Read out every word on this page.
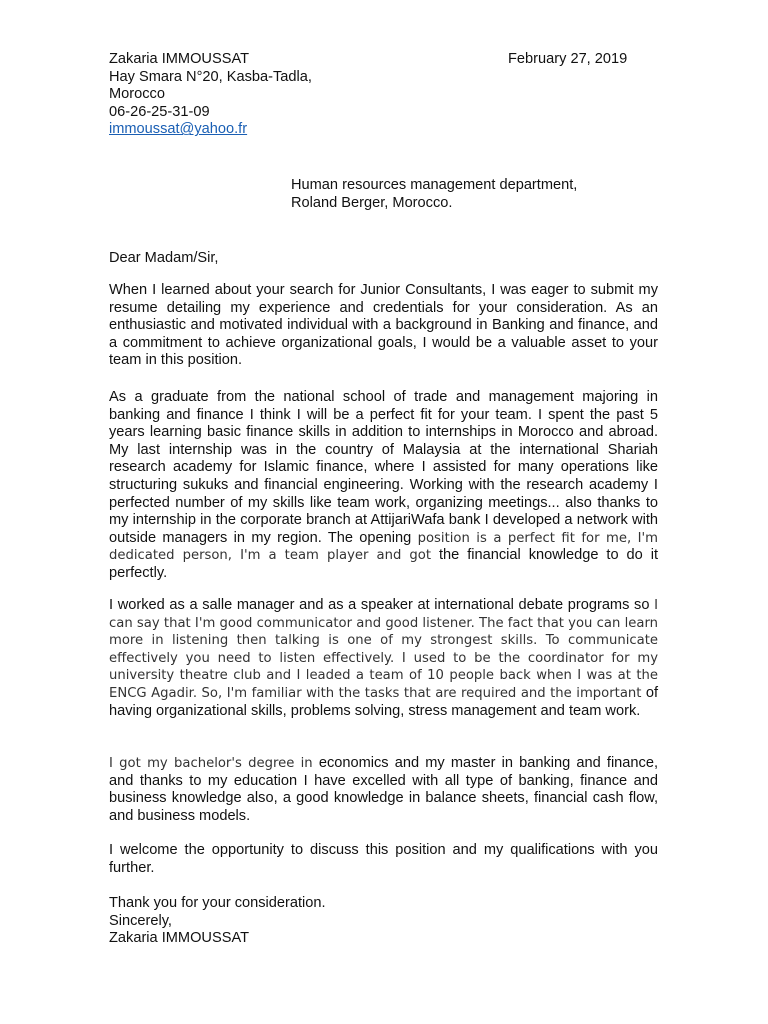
Zakaria IMMOUSSAT
Hay Smara N°20, Kasba-Tadla,
Morocco
06-26-25-31-09
immoussat@yahoo.fr
February 27, 2019
Human resources management department,
Roland Berger, Morocco.
Dear Madam/Sir,
When I learned about your search for Junior Consultants, I was eager to submit my resume detailing my experience and credentials for your consideration. As an enthusiastic and motivated individual with a background in Banking and finance, and a commitment to achieve organizational goals, I would be a valuable asset to your team in this position.
As a graduate from the national school of trade and management majoring in banking and finance I think I will be a perfect fit for your team. I spent the past 5 years learning basic finance skills in addition to internships in Morocco and abroad. My last internship was in the country of Malaysia at the international Shariah research academy for Islamic finance, where I assisted for many operations like structuring sukuks and financial engineering. Working with the research academy I perfected number of my skills like team work, organizing meetings... also thanks to my internship in the corporate branch at AttijariWafa bank I developed a network with outside managers in my region. The opening position is a perfect fit for me, I'm dedicated person, I'm a team player and got the financial knowledge to do it perfectly.
I worked as a salle manager and as a speaker at international debate programs so I can say that I'm good communicator and good listener. The fact that you can learn more in listening then talking is one of my strongest skills. To communicate effectively you need to listen effectively. I used to be the coordinator for my university theatre club and I leaded a team of 10 people back when I was at the ENCG Agadir. So, I'm familiar with the tasks that are required and the important of having organizational skills, problems solving, stress management and team work.
I got my bachelor's degree in economics and my master in banking and finance, and thanks to my education I have excelled with all type of banking, finance and business knowledge also, a good knowledge in balance sheets, financial cash flow, and business models.
I welcome the opportunity to discuss this position and my qualifications with you further.
Thank you for your consideration.
Sincerely,
Zakaria IMMOUSSAT
